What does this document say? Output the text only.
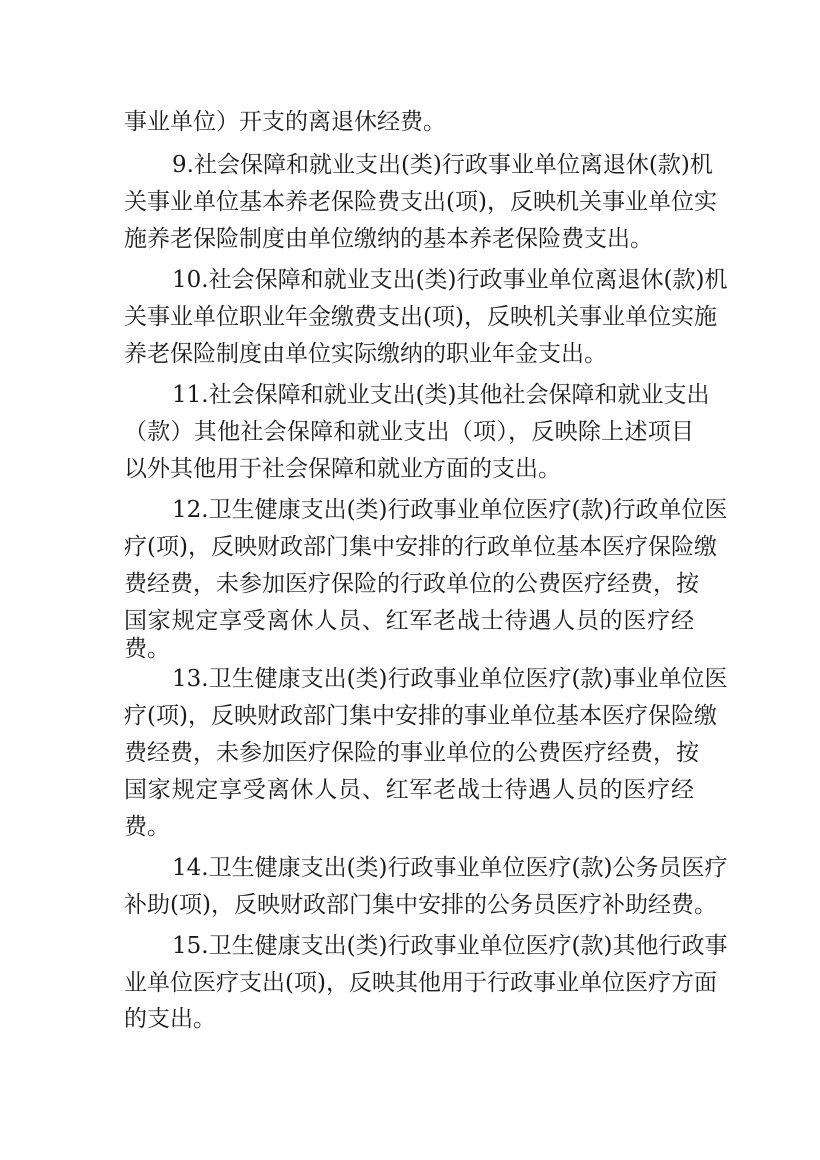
事业单位）开支的离退休经费。

9.社会保障和就业支出(类)行政事业单位离退休(款)机

关事业单位基本养老保险费支出(项)，反映机关事业单位实

施养老保险制度由单位缴纳的基本养老保险费支出。

10.社会保障和就业支出(类)行政事业单位离退休(款)机

关事业单位职业年金缴费支出(项)，反映机关事业单位实施

养老保险制度由单位实际缴纳的职业年金支出。

11.社会保障和就业支出(类)其他社会保障和就业支出

（款）其他社会保障和就业支出（项），反映除上述项目

以外其他用于社会保障和就业方面的支出。

12.卫生健康支出(类)行政事业单位医疗(款)行政单位医

疗(项)，反映财政部门集中安排的行政单位基本医疗保险缴

费经费，未参加医疗保险的行政单位的公费医疗经费，按

国家规定享受离休人员、红军老战士待遇人员的医疗经

费。

13.卫生健康支出(类)行政事业单位医疗(款)事业单位医

疗(项)，反映财政部门集中安排的事业单位基本医疗保险缴

费经费，未参加医疗保险的事业单位的公费医疗经费，按

国家规定享受离休人员、红军老战士待遇人员的医疗经

费。

14.卫生健康支出(类)行政事业单位医疗(款)公务员医疗

补助(项)，反映财政部门集中安排的公务员医疗补助经费。

15.卫生健康支出(类)行政事业单位医疗(款)其他行政事

业单位医疗支出(项)，反映其他用于行政事业单位医疗方面

的支出。
